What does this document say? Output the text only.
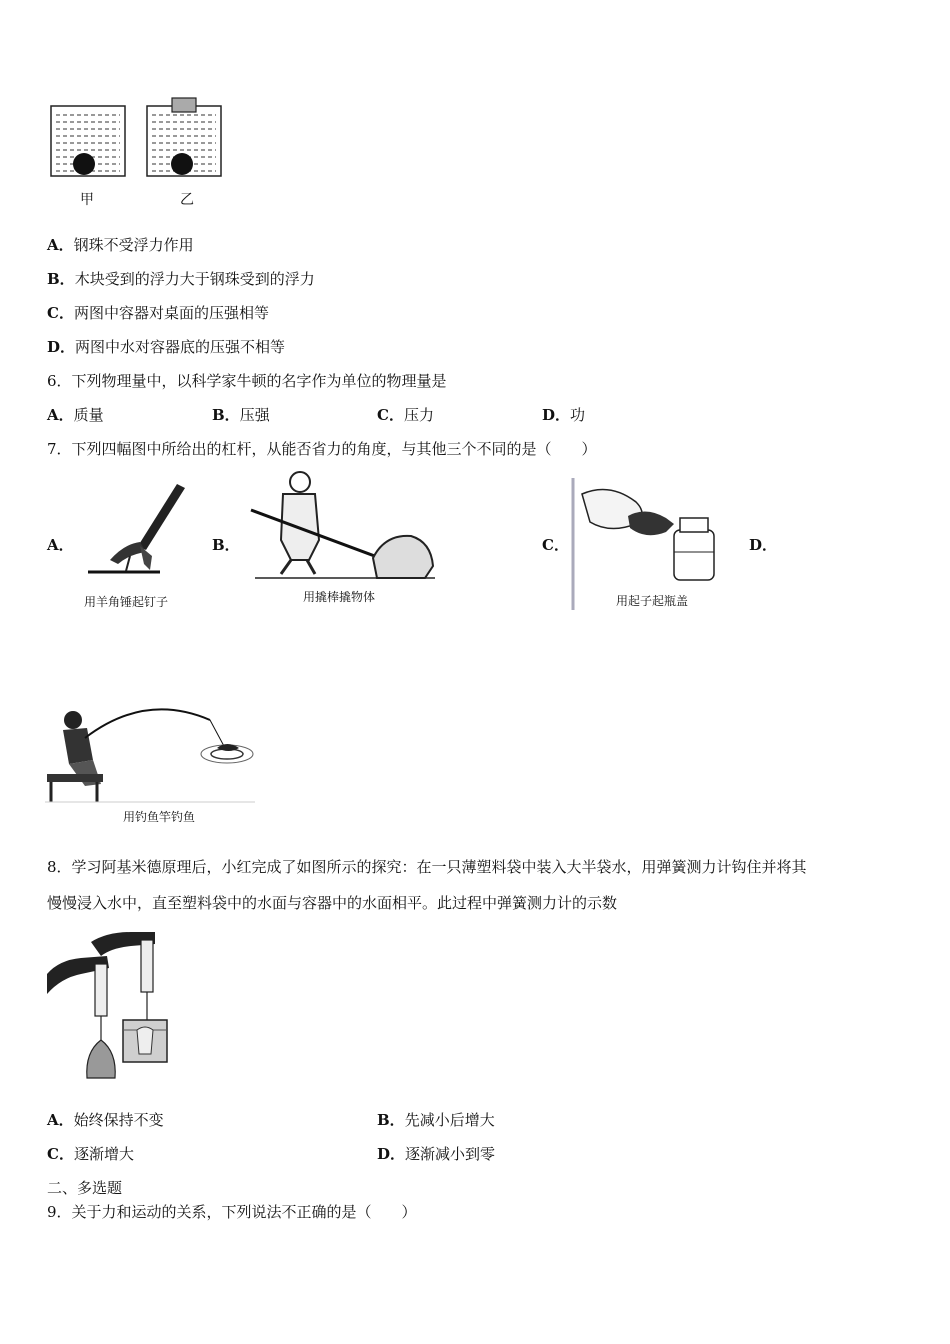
甲	乙
A．钢珠不受浮力作用
B．木块受到的浮力大于钢珠受到的浮力
C．两图中容器对桌面的压强相等
D．两图中水对容器底的压强不相等
6．下列物理量中，以科学家牛顿的名字作为单位的物理量是
A．质量	B．压强	C．压力	D．功
7．下列四幅图中所给出的杠杆，从能否省力的角度，与其他三个不同的是（　　）
A．
用羊角锤起钉子
B．
用撬棒撬物体
C．
用起子起瓶盖
D．
用钓鱼竿钓鱼
8．学习阿基米德原理后，小红完成了如图所示的探究：在一只薄塑料袋中装入大半袋水，用弹簧测力计钩住并将其
慢慢浸入水中，直至塑料袋中的水面与容器中的水面相平。此过程中弹簧测力计的示数
A．始终保持不变	B．先减小后增大
C．逐渐增大	D．逐渐减小到零
二、多选题
9．关于力和运动的关系，下列说法不正确的是（　　）
